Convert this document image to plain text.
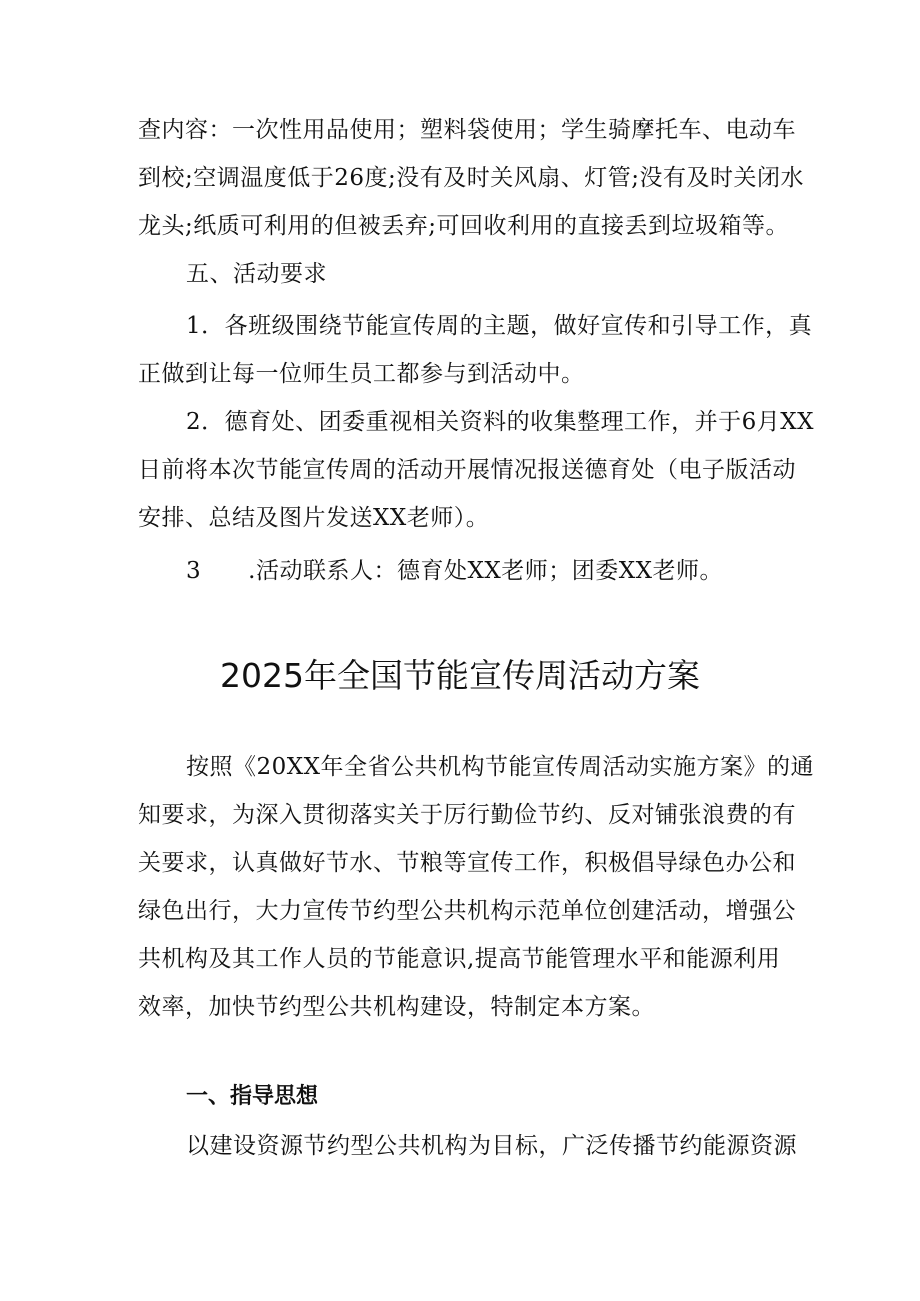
查内容：一次性用品使用；塑料袋使用；学生骑摩托车、电动车
到校;空调温度低于26度;没有及时关风扇、灯管;没有及时关闭水
龙头;纸质可利用的但被丢弃;可回收利用的直接丢到垃圾箱等。
五、活动要求
1．各班级围绕节能宣传周的主题，做好宣传和引导工作，真
正做到让每一位师生员工都参与到活动中。
2．德育处、团委重视相关资料的收集整理工作，并于6月XX
日前将本次节能宣传周的活动开展情况报送德育处（电子版活动
安排、总结及图片发送XX老师）。
3　　.活动联系人：德育处XX老师；团委XX老师。
2025年全国节能宣传周活动方案
按照《20XX年全省公共机构节能宣传周活动实施方案》的通
知要求，为深入贯彻落实关于厉行勤俭节约、反对铺张浪费的有
关要求，认真做好节水、节粮等宣传工作，积极倡导绿色办公和
绿色出行，大力宣传节约型公共机构示范单位创建活动，增强公
共机构及其工作人员的节能意识,提高节能管理水平和能源利用
效率，加快节约型公共机构建设，特制定本方案。
一、指导思想
以建设资源节约型公共机构为目标，广泛传播节约能源资源
